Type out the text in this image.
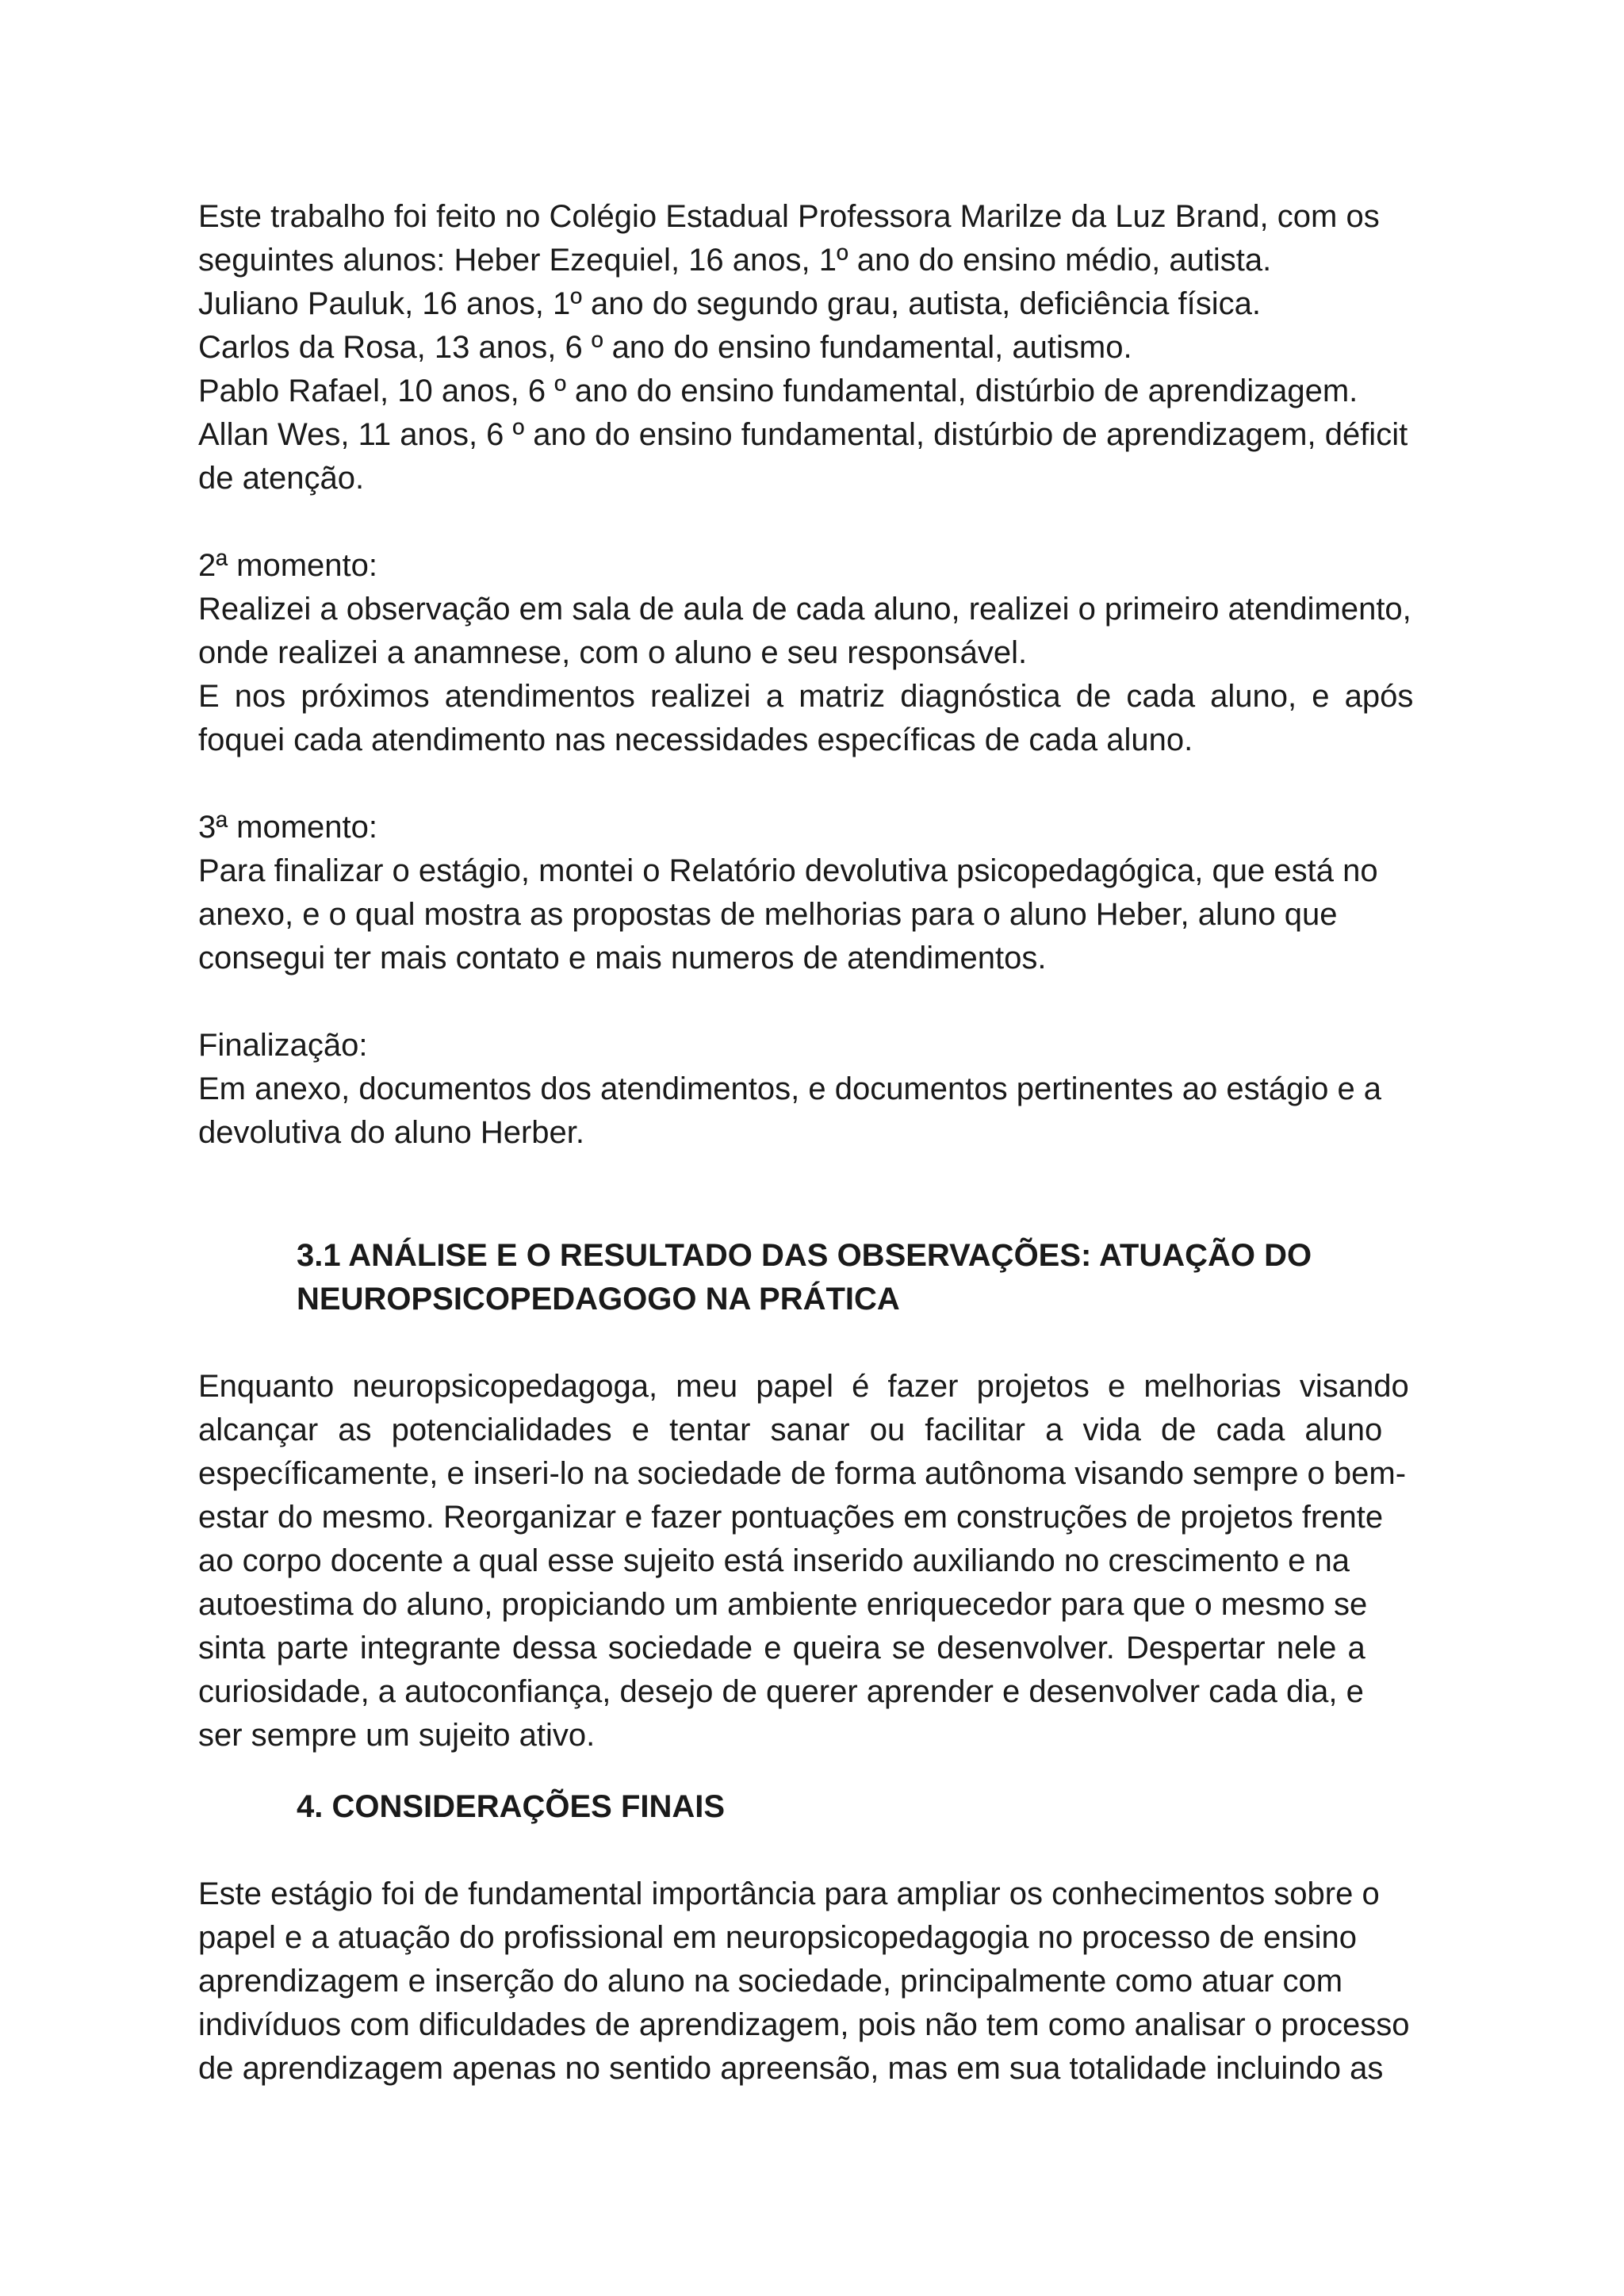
Este trabalho foi feito no Colégio Estadual Professora Marilze da Luz Brand, com os
seguintes alunos: Heber Ezequiel, 16 anos, 1º ano do ensino médio, autista.
Juliano Pauluk, 16 anos, 1º ano do segundo grau, autista, deficiência física.
Carlos da Rosa, 13 anos, 6 º ano do ensino fundamental, autismo.
Pablo Rafael, 10 anos, 6 º ano do ensino fundamental, distúrbio de aprendizagem.
Allan Wes, 11 anos, 6 º ano do ensino fundamental, distúrbio de aprendizagem, déficit
de atenção.
2ª momento:
Realizei a observação em sala de aula de cada aluno, realizei o primeiro atendimento,
onde realizei a anamnese, com o aluno e seu responsável.
E nos próximos atendimentos realizei a matriz diagnóstica de cada aluno, e após
foquei cada atendimento nas necessidades específicas de cada aluno.
3ª momento:
Para finalizar o estágio, montei o Relatório devolutiva psicopedagógica, que está no
anexo, e o qual mostra as propostas de melhorias para o aluno Heber, aluno que
consegui ter mais contato e mais numeros de atendimentos.
Finalização:
Em anexo, documentos dos atendimentos, e documentos pertinentes ao estágio e a
devolutiva do aluno Herber.
3.1 ANÁLISE E O RESULTADO DAS OBSERVAÇÕES: ATUAÇÃO DO
NEUROPSICOPEDAGOGO NA PRÁTICA
Enquanto neuropsicopedagoga, meu papel é fazer projetos e melhorias visando
alcançar as potencialidades e tentar sanar ou facilitar a vida de cada aluno
específicamente, e inseri-lo na sociedade de forma autônoma visando sempre o bem-
estar do mesmo. Reorganizar e fazer pontuações em construções de projetos frente
ao corpo docente a qual esse sujeito está inserido auxiliando no crescimento e na
autoestima do aluno, propiciando um ambiente enriquecedor para que o mesmo se
sinta parte integrante dessa sociedade e queira se desenvolver. Despertar nele a
curiosidade, a autoconfiança, desejo de querer aprender e desenvolver cada dia, e
ser sempre um sujeito ativo.
4. CONSIDERAÇÕES FINAIS
Este estágio foi de fundamental importância para ampliar os conhecimentos sobre o
papel e a atuação do profissional em neuropsicopedagogia no processo de ensino
aprendizagem e inserção do aluno na sociedade, principalmente como atuar com
indivíduos com dificuldades de aprendizagem, pois não tem como analisar o processo
de aprendizagem apenas no sentido apreensão, mas em sua totalidade incluindo as
